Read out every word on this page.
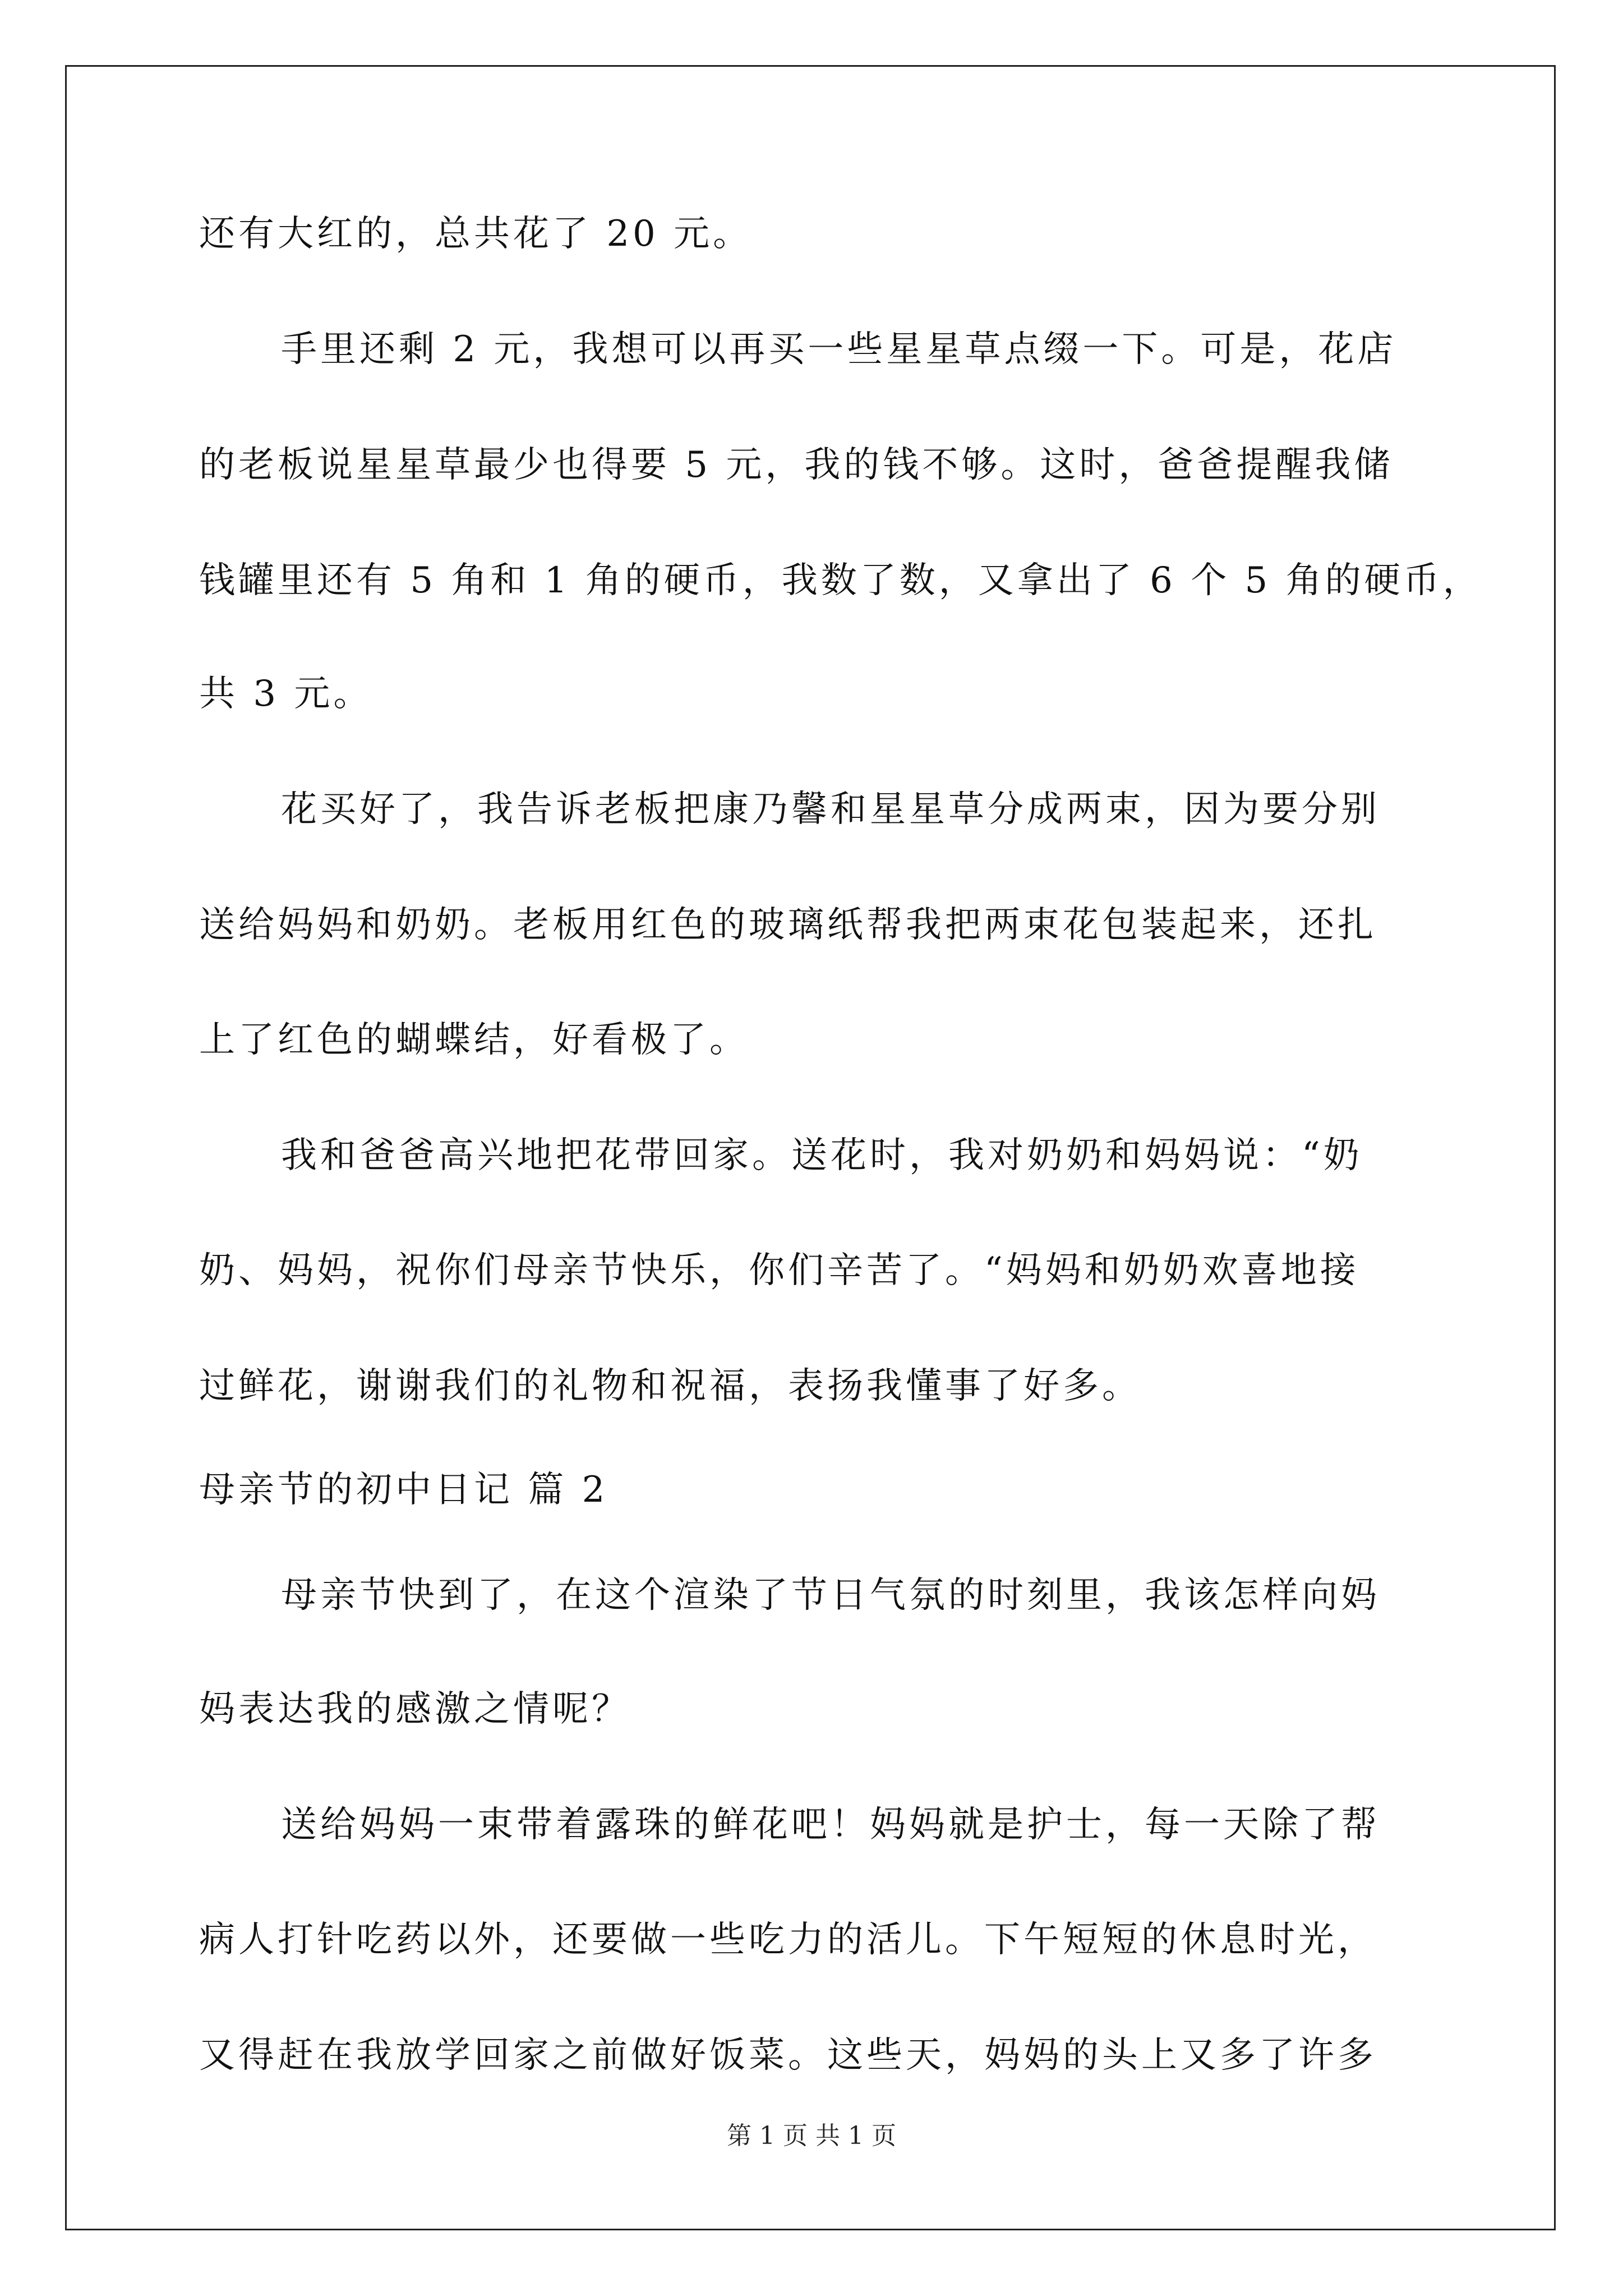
还有大红的，总共花了 20 元。
手里还剩 2 元，我想可以再买一些星星草点缀一下。可是，花店
的老板说星星草最少也得要 5 元，我的钱不够。这时，爸爸提醒我储
钱罐里还有 5 角和 1 角的硬币，我数了数，又拿出了 6 个 5 角的硬币，
共 3 元。
花买好了，我告诉老板把康乃馨和星星草分成两束，因为要分别
送给妈妈和奶奶。老板用红色的玻璃纸帮我把两束花包装起来，还扎
上了红色的蝴蝶结，好看极了。
我和爸爸高兴地把花带回家。送花时，我对奶奶和妈妈说：“奶
奶、妈妈，祝你们母亲节快乐，你们辛苦了。“妈妈和奶奶欢喜地接
过鲜花，谢谢我们的礼物和祝福，表扬我懂事了好多。
母亲节的初中日记 篇 2
母亲节快到了，在这个渲染了节日气氛的时刻里，我该怎样向妈
妈表达我的感激之情呢？
送给妈妈一束带着露珠的鲜花吧！妈妈就是护士，每一天除了帮
病人打针吃药以外，还要做一些吃力的活儿。下午短短的休息时光，
又得赶在我放学回家之前做好饭菜。这些天，妈妈的头上又多了许多
第 1 页 共 1 页
